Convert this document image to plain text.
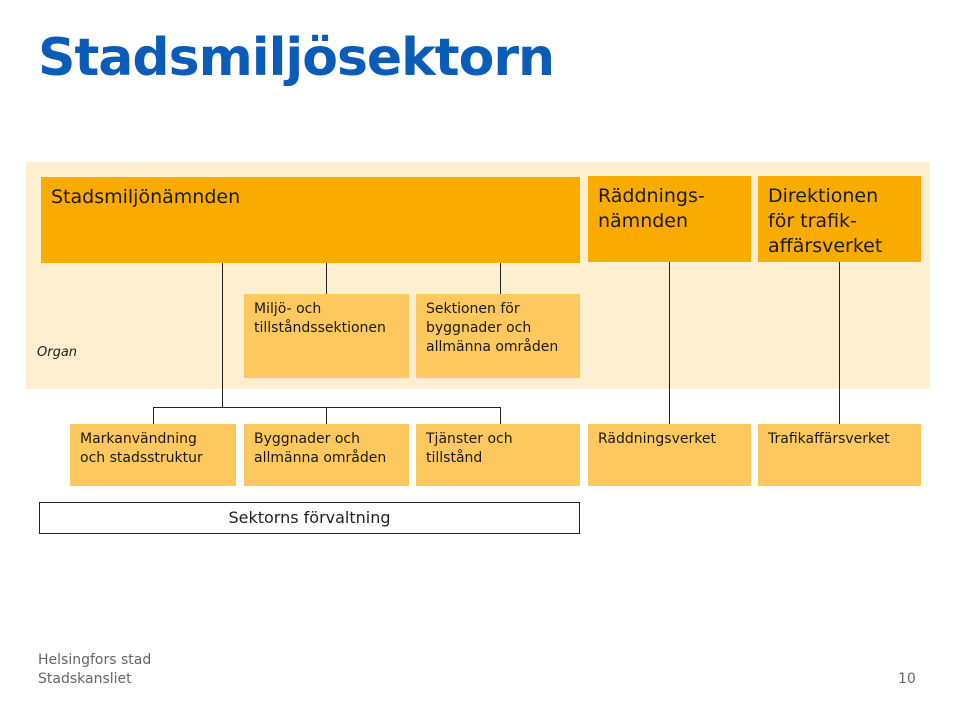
Stadsmiljösektorn
Organ
Stadsmiljönämnden	Räddnings-
nämnden
Direktionen
för trafik-
affärsverket
Miljö- och
tillståndssektionen
Sektionen för
byggnader och
allmänna områden
Markanvändning
och stadsstruktur
Byggnader och
allmänna områden
Tjänster och
tillstånd
Räddningsverket	Trafikaffärsverket
Sektorns förvaltning
Helsingfors stad
Stadskansliet	10
